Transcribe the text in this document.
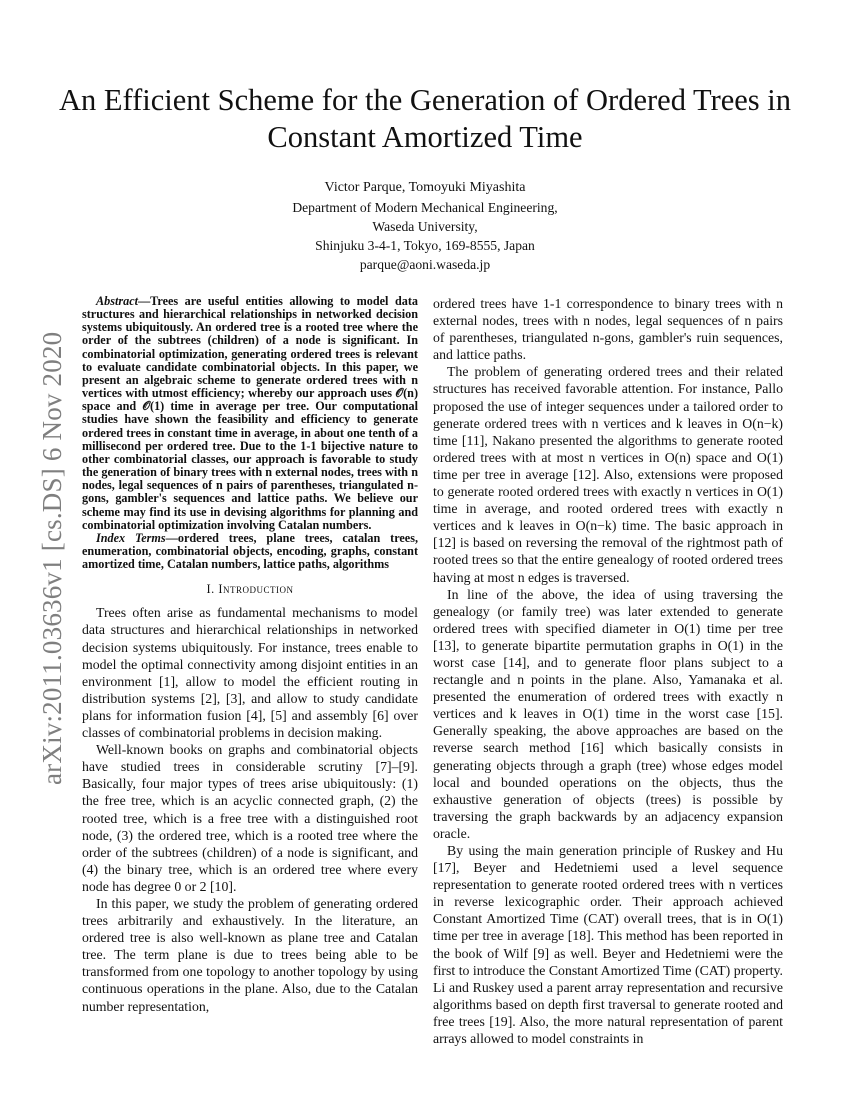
An Efficient Scheme for the Generation of Ordered Trees in Constant Amortized Time
Victor Parque, Tomoyuki Miyashita
Department of Modern Mechanical Engineering,
Waseda University,
Shinjuku 3-4-1, Tokyo, 169-8555, Japan
parque@aoni.waseda.jp
arXiv:2011.03636v1 [cs.DS] 6 Nov 2020

Abstract—Trees are useful entities allowing to model data structures and hierarchical relationships in networked decision systems ubiquitously. An ordered tree is a rooted tree where the order of the subtrees (children) of a node is significant. In combinatorial optimization, generating ordered trees is relevant to evaluate candidate combinatorial objects. In this paper, we present an algebraic scheme to generate ordered trees with n vertices with utmost efficiency; whereby our approach uses 𝒪(n) space and 𝒪(1) time in average per tree. Our computational studies have shown the feasibility and efficiency to generate ordered trees in constant time in average, in about one tenth of a millisecond per ordered tree. Due to the 1-1 bijective nature to other combinatorial classes, our approach is favorable to study the generation of binary trees with n external nodes, trees with n nodes, legal sequences of n pairs of parentheses, triangulated n-gons, gambler's sequences and lattice paths. We believe our scheme may find its use in devising algorithms for planning and combinatorial optimization involving Catalan numbers.

Index Terms—ordered trees, plane trees, catalan trees, enumeration, combinatorial objects, encoding, graphs, constant amortized time, Catalan numbers, lattice paths, algorithms

I. Introduction

Trees often arise as fundamental mechanisms to model data structures and hierarchical relationships in networked decision systems ubiquitously. For instance, trees enable to model the optimal connectivity among disjoint entities in an environment [1], allow to model the efficient routing in distribution systems [2], [3], and allow to study candidate plans for information fusion [4], [5] and assembly [6] over classes of combinatorial problems in decision making.

Well-known books on graphs and combinatorial objects have studied trees in considerable scrutiny [7]–[9]. Basically, four major types of trees arise ubiquitously: (1) the free tree, which is an acyclic connected graph, (2) the rooted tree, which is a free tree with a distinguished root node, (3) the ordered tree, which is a rooted tree where the order of the subtrees (children) of a node is significant, and (4) the binary tree, which is an ordered tree where every node has degree 0 or 2 [10].

In this paper, we study the problem of generating ordered trees arbitrarily and exhaustively. In the literature, an ordered tree is also well-known as plane tree and Catalan tree. The term plane is due to trees being able to be transformed from one topology to another topology by using continuous operations in the plane. Also, due to the Catalan number representation,

ordered trees have 1-1 correspondence to binary trees with n external nodes, trees with n nodes, legal sequences of n pairs of parentheses, triangulated n-gons, gambler's ruin sequences, and lattice paths.

The problem of generating ordered trees and their related structures has received favorable attention. For instance, Pallo proposed the use of integer sequences under a tailored order to generate ordered trees with n vertices and k leaves in O(n−k) time [11], Nakano presented the algorithms to generate rooted ordered trees with at most n vertices in O(n) space and O(1) time per tree in average [12]. Also, extensions were proposed to generate rooted ordered trees with exactly n vertices in O(1) time in average, and rooted ordered trees with exactly n vertices and k leaves in O(n−k) time. The basic approach in [12] is based on reversing the removal of the rightmost path of rooted trees so that the entire genealogy of rooted ordered trees having at most n edges is traversed.

In line of the above, the idea of using traversing the genealogy (or family tree) was later extended to generate ordered trees with specified diameter in O(1) time per tree [13], to generate bipartite permutation graphs in O(1) in the worst case [14], and to generate floor plans subject to a rectangle and n points in the plane. Also, Yamanaka et al. presented the enumeration of ordered trees with exactly n vertices and k leaves in O(1) time in the worst case [15]. Generally speaking, the above approaches are based on the reverse search method [16] which basically consists in generating objects through a graph (tree) whose edges model local and bounded operations on the objects, thus the exhaustive generation of objects (trees) is possible by traversing the graph backwards by an adjacency expansion oracle.

By using the main generation principle of Ruskey and Hu [17], Beyer and Hedetniemi used a level sequence representation to generate rooted ordered trees with n vertices in reverse lexicographic order. Their approach achieved Constant Amortized Time (CAT) overall trees, that is in O(1) time per tree in average [18]. This method has been reported in the book of Wilf [9] as well. Beyer and Hedetniemi were the first to introduce the Constant Amortized Time (CAT) property. Li and Ruskey used a parent array representation and recursive algorithms based on depth first traversal to generate rooted and free trees [19]. Also, the more natural representation of parent arrays allowed to model constraints in
